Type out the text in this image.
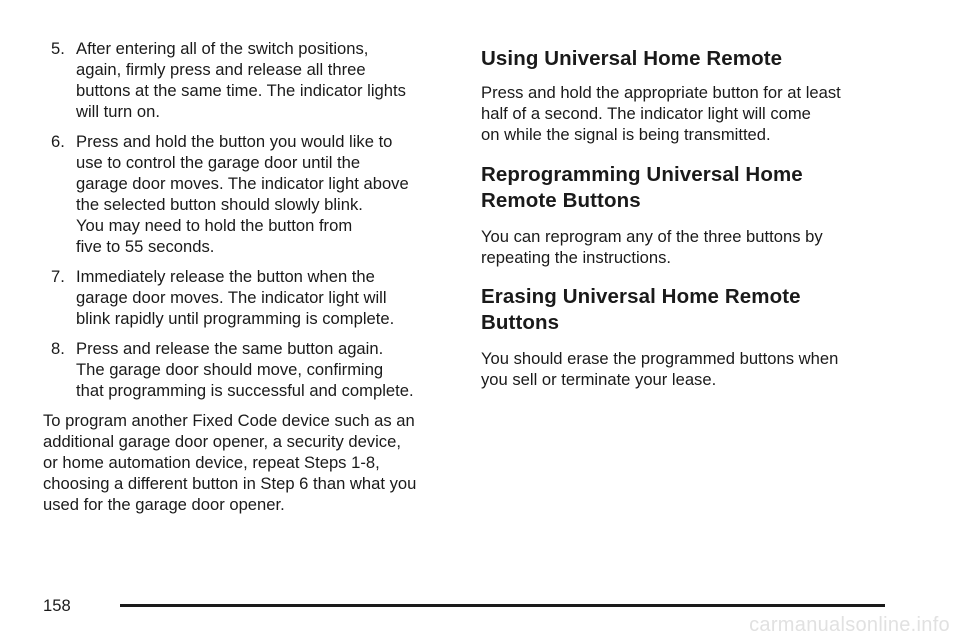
5. After entering all of the switch positions,
again, firmly press and release all three
buttons at the same time. The indicator lights
will turn on.
6. Press and hold the button you would like to
use to control the garage door until the
garage door moves. The indicator light above
the selected button should slowly blink.
You may need to hold the button from
five to 55 seconds.
7. Immediately release the button when the
garage door moves. The indicator light will
blink rapidly until programming is complete.
8. Press and release the same button again.
The garage door should move, confirming
that programming is successful and complete.
To program another Fixed Code device such as an
additional garage door opener, a security device,
or home automation device, repeat Steps 1-8,
choosing a different button in Step 6 than what you
used for the garage door opener.
Using Universal Home Remote
Press and hold the appropriate button for at least
half of a second. The indicator light will come
on while the signal is being transmitted.
Reprogramming Universal Home
Remote Buttons
You can reprogram any of the three buttons by
repeating the instructions.
Erasing Universal Home Remote
Buttons
You should erase the programmed buttons when
you sell or terminate your lease.
158
carmanualsonline.info
